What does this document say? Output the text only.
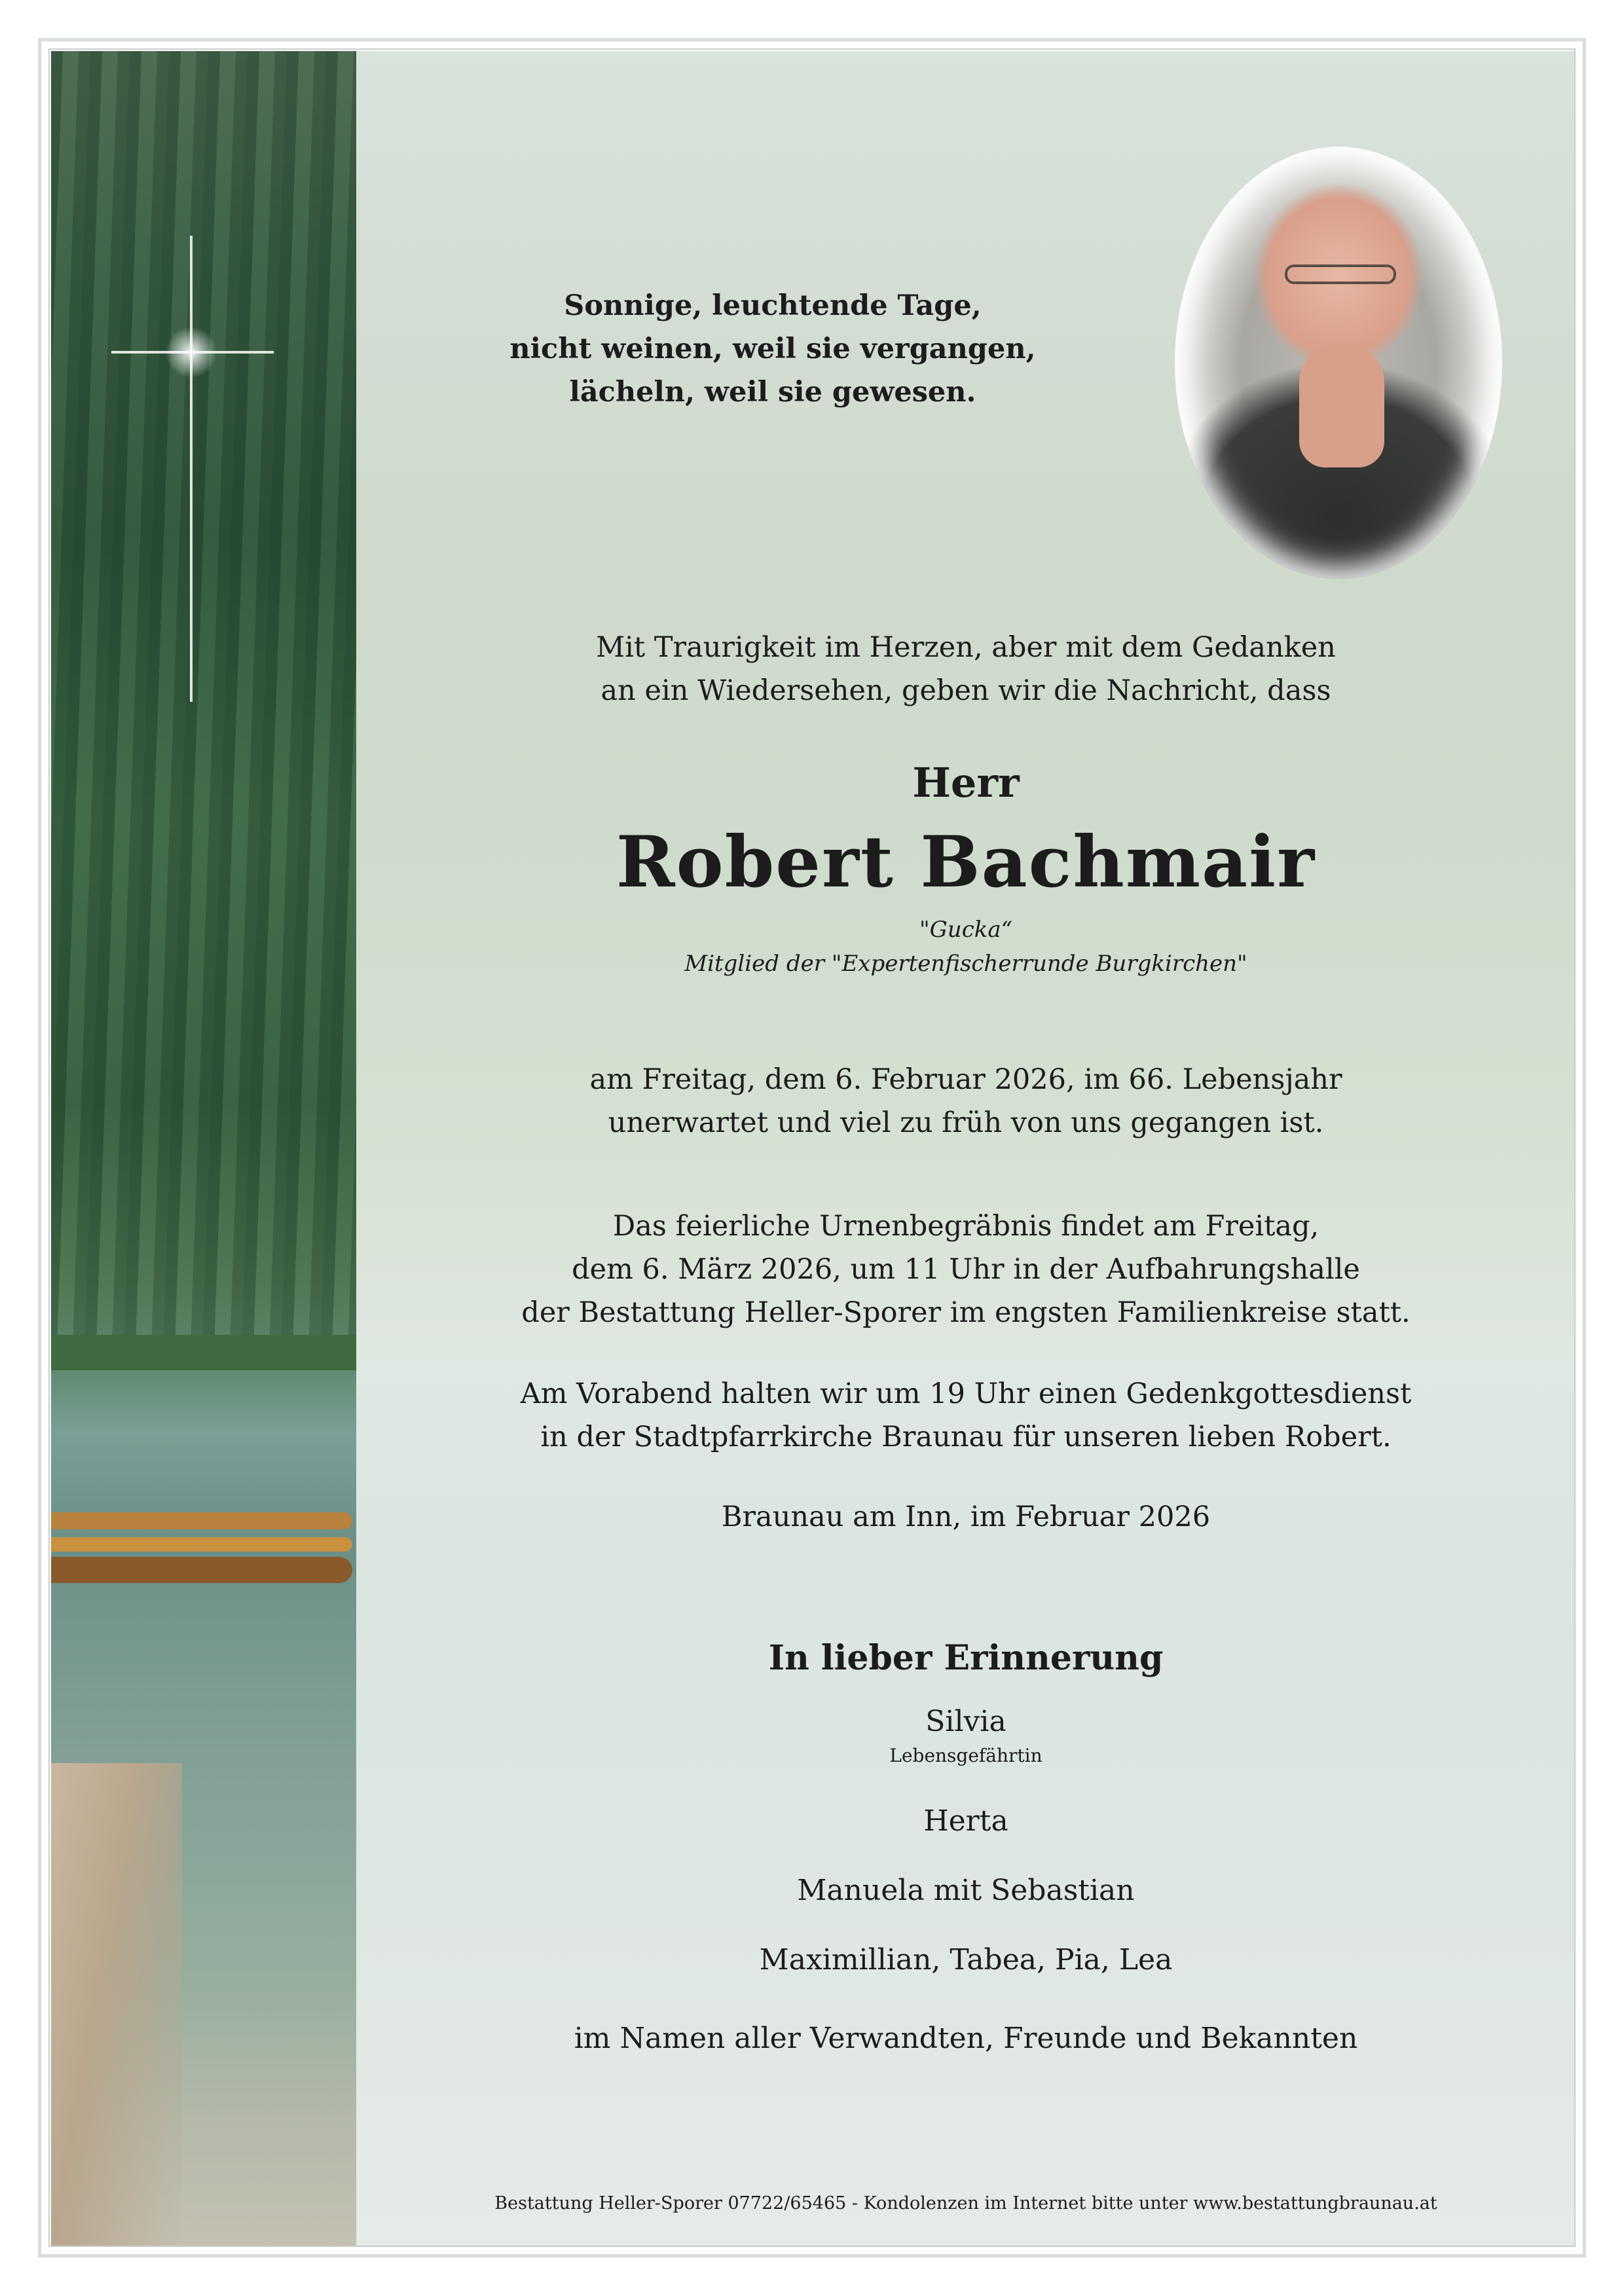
Sonnige, leuchtende Tage,
nicht weinen, weil sie vergangen,
lächeln, weil sie gewesen.
Mit Traurigkeit im Herzen, aber mit dem Gedanken
an ein Wiedersehen, geben wir die Nachricht, dass
Herr
Robert Bachmair
"Gucka“
Mitglied der "Expertenfischerrunde Burgkirchen"
am Freitag, dem 6. Februar 2026, im 66. Lebensjahr
unerwartet und viel zu früh von uns gegangen ist.
Das feierliche Urnenbegräbnis findet am Freitag,
dem 6. März 2026, um 11 Uhr in der Aufbahrungshalle
der Bestattung Heller-Sporer im engsten Familienkreise statt.
Am Vorabend halten wir um 19 Uhr einen Gedenkgottesdienst
in der Stadtpfarrkirche Braunau für unseren lieben Robert.
Braunau am Inn, im Februar 2026
In lieber Erinnerung
Silvia
Lebensgefährtin
Herta
Manuela mit Sebastian
Maximillian, Tabea, Pia, Lea
im Namen aller Verwandten, Freunde und Bekannten
Bestattung Heller-Sporer 07722/65465 - Kondolenzen im Internet bitte unter www.bestattungbraunau.at
